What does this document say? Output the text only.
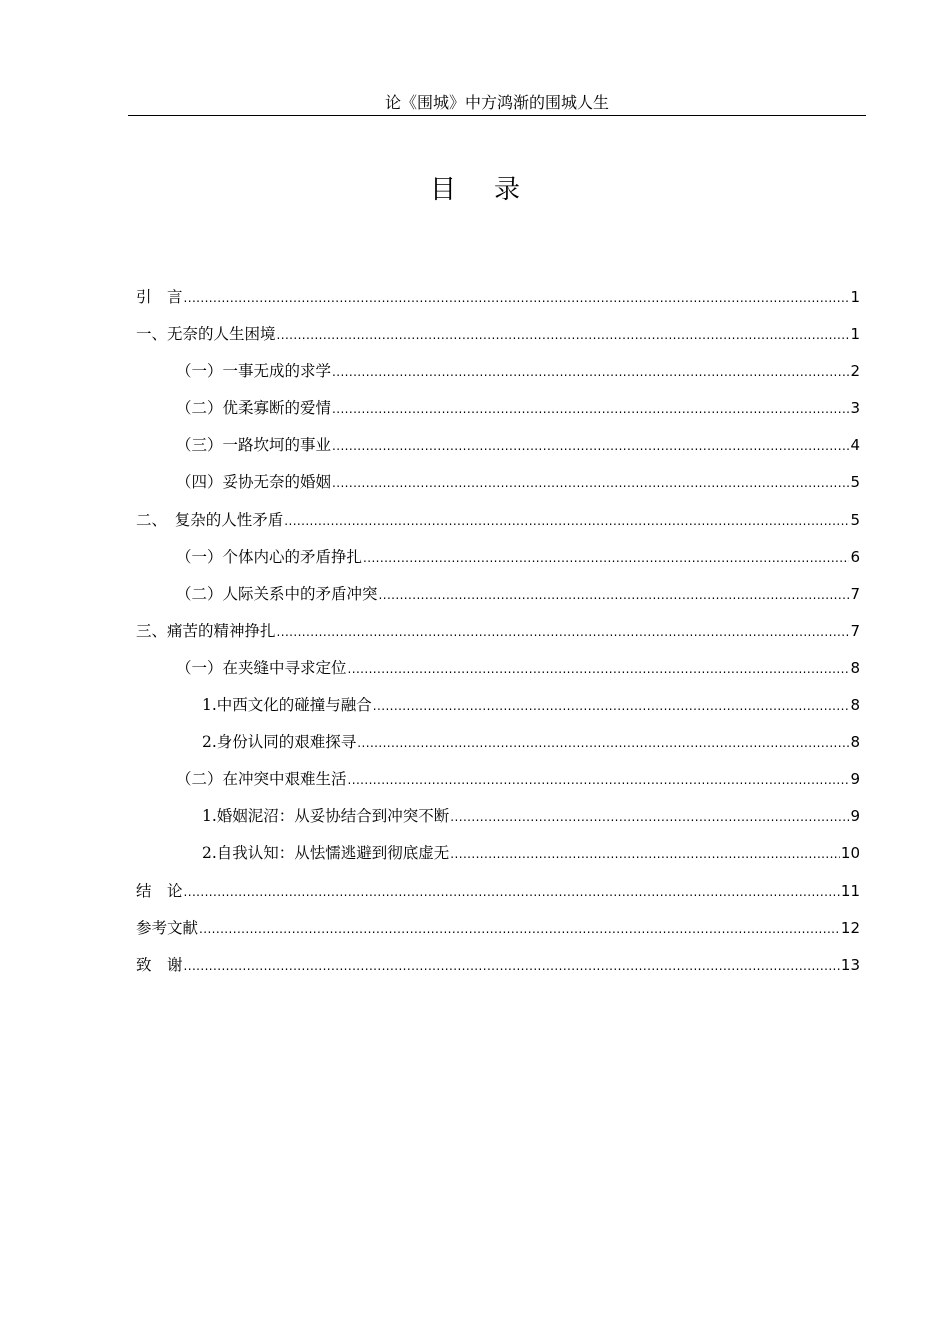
论《围城》中方鸿渐的围城人生
目 录
引　言 .....	1
一、无奈的人生困境 .....	1
（一）一事无成的求学 .....	2
（二）优柔寡断的爱情 .....	3
（三）一路坎坷的事业 .....	4
（四）妥协无奈的婚姻 .....	5
二、　复杂的人性矛盾 .....	5
（一）个体内心的矛盾挣扎 .....	6
（二）人际关系中的矛盾冲突 .....	7
三、痛苦的精神挣扎 .....	7
（一）在夹缝中寻求定位 .....	8
1.中西文化的碰撞与融合 .....	8
2.身份认同的艰难探寻 .....	8
（二）在冲突中艰难生活 .....	9
1.婚姻泥沼：从妥协结合到冲突不断 .....	9
2.自我认知：从怯懦逃避到彻底虚无 .....	10
结　论 .....	11
参考文献 .....	12
致　谢 .....	13
